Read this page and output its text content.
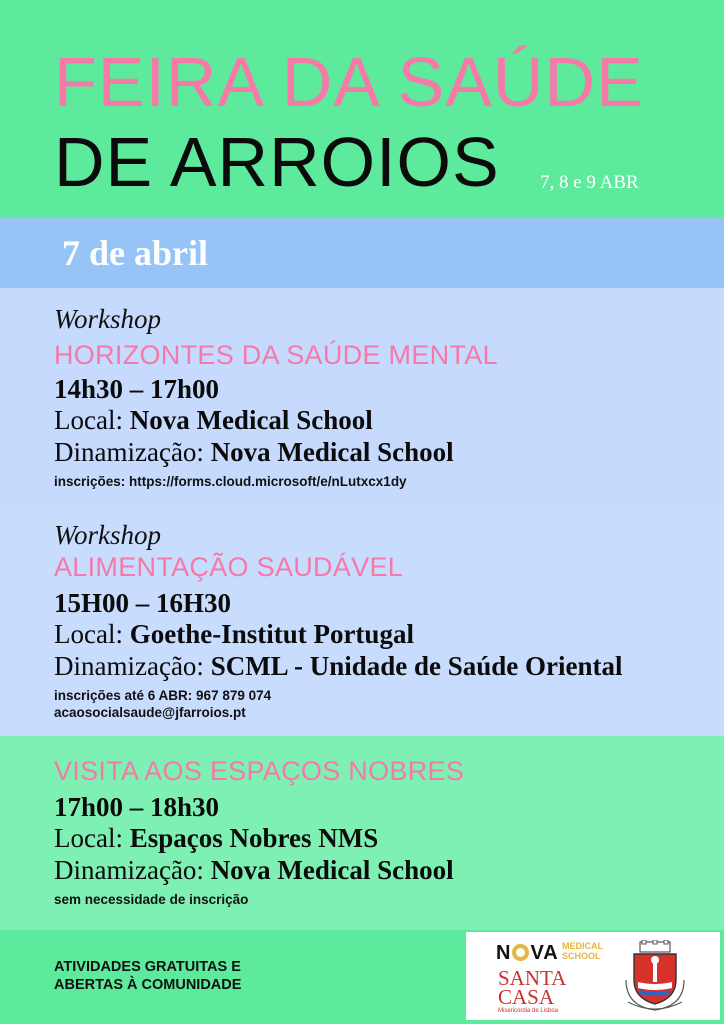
FEIRA DA SAÚDE
DE ARROIOS 7, 8 e 9 ABR
7 de abril
Workshop
HORIZONTES DA SAÚDE MENTAL
14h30 – 17h00
Local: Nova Medical School
Dinamização: Nova Medical School
inscrições: https://forms.cloud.microsoft/e/nLutxcx1dy
Workshop
ALIMENTAÇÃO SAUDÁVEL
15H00 – 16H30
Local: Goethe-Institut Portugal
Dinamização: SCML - Unidade de Saúde Oriental
inscrições até 6 ABR: 967 879 074
acaosocialsaude@jfarroios.pt
VISITA AOS ESPAÇOS NOBRES
17h00 – 18h30
Local: Espaços Nobres NMS
Dinamização: Nova Medical School
sem necessidade de inscrição
ATIVIDADES GRATUITAS E
ABERTAS À COMUNIDADE
N VA MEDICAL
SCHOOL
SANTA
CASA
Misericórdia de Lisboa
